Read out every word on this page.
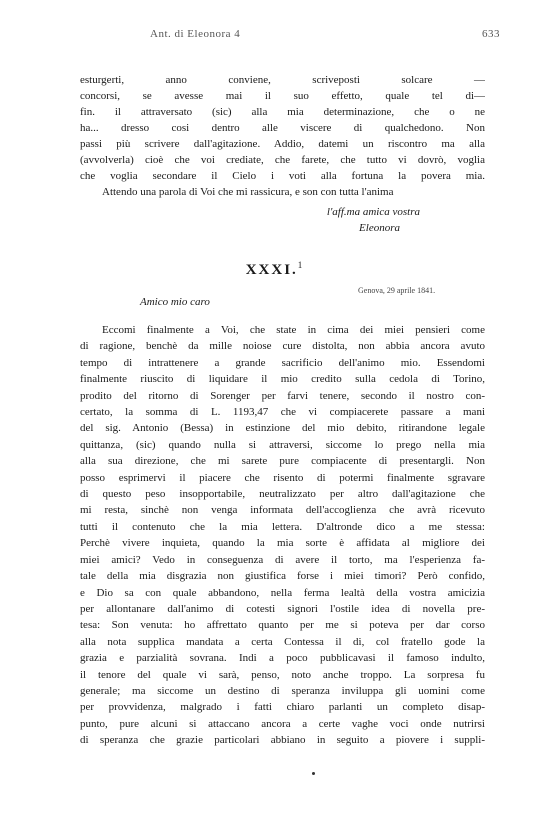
Ant. di Eleonora 4	633
esturgerti, anno conviene, scriveposti solcare —
concorsi, se avesse mai il suo effetto, quale tel di—
fin. il attraversato (sic) alla mia determinazione, che o ne
ha... dresso cosi dentro alle viscere di qualchedono. Non
passi più scrivere dall'agitazione. Addio, datemi un riscontro ma alla
(avvolverla) cioè che voi crediate, che farete, che tutto vi dovrò, voglia
che voglia secondare il Cielo i voti alla fortuna la povera mia.
Attendo una parola di Voi che mi rassicura, e son con tutta l'anima
l'aff.ma amica vostra
Eleonora
XXXI.$^1$
Genova, 29 aprile 1841.
Amico mio caro
Eccomi finalmente a Voi, che state in cima dei miei pensieri come
di ragione, benchè da mille noiose cure distolta, non abbia ancora avuto
tempo di intrattenere a grande sacrificio dell'animo mio. Essendomi
finalmente riuscito di liquidare il mio credito sulla cedola di Torino,
prodito del ritorno di Sorenger per farvi tenere, secondo il nostro con-
certato, la somma di L. 1193,47 che vi compiacerete passare a mani
del sig. Antonio (Bessa) in estinzione del mio debito, ritirandone legale
quittanza, (sic) quando nulla si attraversi, siccome lo prego nella mia
alla sua direzione, che mi sarete pure compiacente di presentargli. Non
posso esprimervi il piacere che risento di potermi finalmente sgravare
di questo peso insopportabile, neutralizzato per altro dall'agitazione che
mi resta, sinchè non venga informata dell'accoglienza che avrà ricevuto
tutti il contenuto che la mia lettera. D'altronde dico a me stessa:
Perchè vivere inquieta, quando la mia sorte è affidata al migliore dei
miei amici? Vedo in conseguenza di avere il torto, ma l'esperienza fa-
tale della mia disgrazia non giustifica forse i miei timori? Però confido,
e Dio sa con quale abbandono, nella ferma lealtà della vostra amicizia
per allontanare dall'animo di cotesti signori l'ostile idea di novella pre-
tesa: Son venuta: ho affrettato quanto per me si poteva per dar corso
alla nota supplica mandata a certa Contessa il di, col fratello gode la
grazia e parzialità sovrana. Indi a poco pubblicavasi il famoso indulto,
il tenore del quale vi sarà, penso, noto anche troppo. La sorpresa fu
generale; ma siccome un destino di speranza inviluppa gli uomini come
per provvidenza, malgrado i fatti chiaro parlanti un completo disap-
punto, pure alcuni si attaccano ancora a certe vaghe voci onde nutrirsi
di speranza che grazie particolari abbiano in seguito a piovere i suppli-
